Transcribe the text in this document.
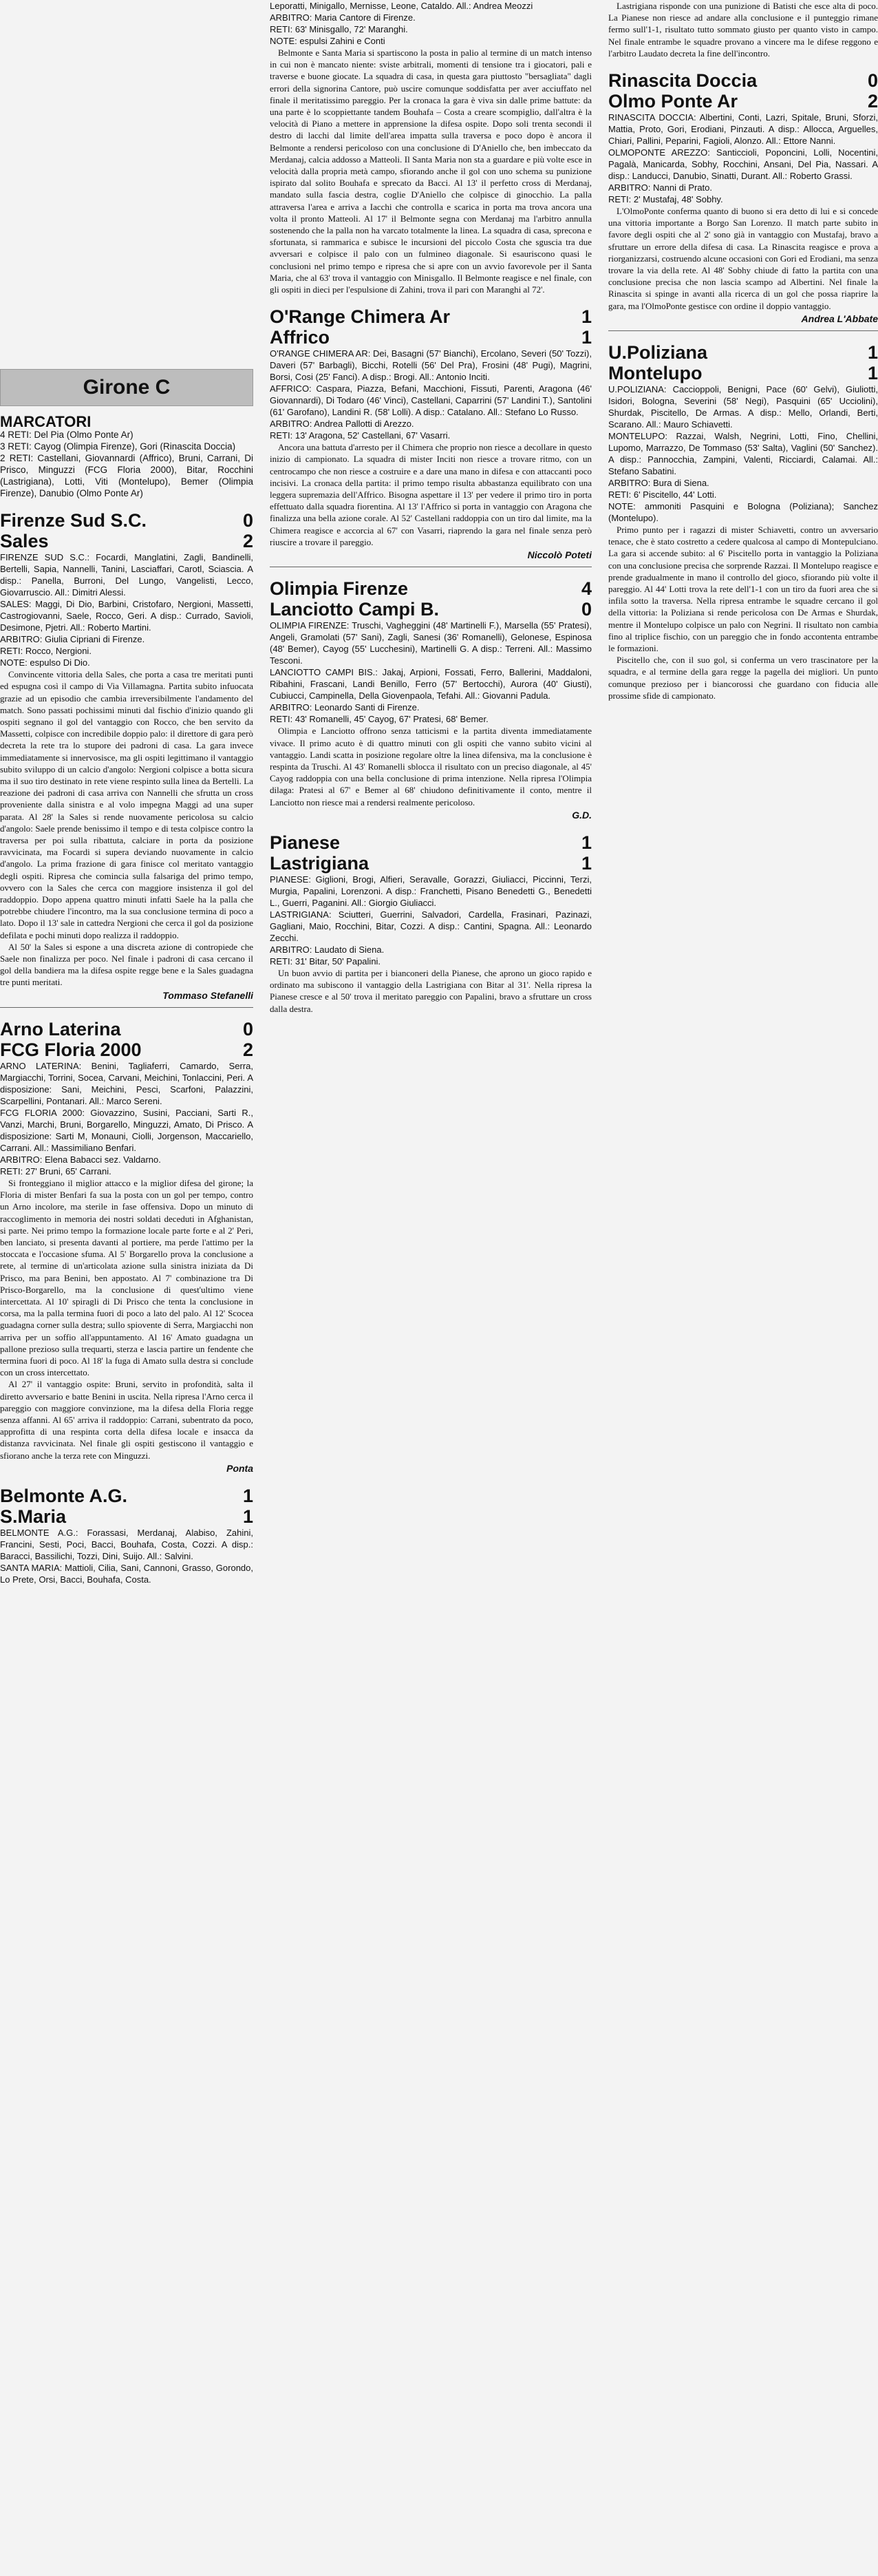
Girone C
MARCATORI

4 RETI: Del Pia (Olmo Ponte Ar)

3 RETI: Cayog (Olimpia Firenze), Gori (Rinascita Doccia)

2 RETI: Castellani, Giovannardi (Affrico), Bruni, Carrani, Di Prisco, Minguzzi (FCG Floria 2000), Bitar, Rocchini (Lastrigiana), Lotti, Viti (Montelupo), Bemer (Olimpia Firenze), Danubio (Olmo Ponte Ar)

Firenze Sud S.C.	0
Sales	2

FIRENZE SUD S.C.: Focardi, Manglatini, Zagli, Bandinelli, Bertelli, Sapia, Nannelli, Tanini, Lasciaffari, Carotl, Sciascia. A disp.: Panella, Burroni, Del Lungo, Vangelisti, Lecco, Giovarruscio. All.: Dimitri Alessi.

SALES: Maggi, Di Dio, Barbini, Cristofaro, Nergioni, Massetti, Castrogiovanni, Saele, Rocco, Geri. A disp.: Currado, Savioli, Desimone, Pjetri. All.: Roberto Martini.

ARBITRO: Giulia Cipriani di Firenze.

RETI: Rocco, Nergioni.

NOTE: espulso Di Dio.

Convincente vittoria della Sales, che porta a casa tre meritati punti ed espugna così il campo di Via Villamagna. Partita subito infuocata grazie ad un episodio che cambia irreversibilmente l'andamento del match. Sono passati pochissimi minuti dal fischio d'inizio quando gli ospiti segnano il gol del vantaggio con Rocco, che ben servito da Massetti, colpisce con incredibile doppio palo: il direttore di gara però decreta la rete tra lo stupore dei padroni di casa. La gara invece immediatamente si innervosisce, ma gli ospiti legittimano il vantaggio subito sviluppo di un calcio d'angolo: Nergioni colpisce a botta sicura ma il suo tiro destinato in rete viene respinto sulla linea da Bertelli. La reazione dei padroni di casa arriva con Nannelli che sfrutta un cross proveniente dalla sinistra e al volo impegna Maggi ad una super parata. Al 28' la Sales si rende nuovamente pericolosa su calcio d'angolo: Saele prende benissimo il tempo e di testa colpisce contro la traversa per poi sulla ribattuta, calciare in porta da posizione ravvicinata, ma Focardi si supera deviando nuovamente in calcio d'angolo. La prima frazione di gara finisce col meritato vantaggio degli ospiti. Ripresa che comincia sulla falsariga del primo tempo, ovvero con la Sales che cerca con maggiore insistenza il gol del raddoppio. Dopo appena quattro minuti infatti Saele ha la palla che potrebbe chiudere l'incontro, ma la sua conclusione termina di poco a lato. Dopo il 13' sale in cattedra Nergioni che cerca il gol da posizione defilata e pochi minuti dopo realizza il raddoppio.

Al 50' la Sales si espone a una discreta azione di contropiede che Saele non finalizza per poco. Nel finale i padroni di casa cercano il gol della bandiera ma la difesa ospite regge bene e la Sales guadagna tre punti meritati.

Tommaso Stefanelli
Arno Laterina	0
FCG Floria 2000	2

ARNO LATERINA: Benini, Tagliaferri, Camardo, Serra, Margiacchi, Torrini, Socea, Carvani, Meichini, Tonlaccini, Peri. A disposizione: Sani, Meichini, Pesci, Scarfoni, Palazzini, Scarpellini, Pontanari. All.: Marco Sereni.

FCG FLORIA 2000: Giovazzino, Susini, Pacciani, Sarti R., Vanzi, Marchi, Bruni, Borgarello, Minguzzi, Amato, Di Prisco. A disposizione: Sarti M, Monauni, Ciolli, Jorgenson, Maccariello, Carrani. All.: Massimiliano Benfari.

ARBITRO: Elena Babacci sez. Valdarno.

RETI: 27' Bruni, 65' Carrani.

Si fronteggiano il miglior attacco e la miglior difesa del girone; la Floria di mister Benfari fa sua la posta con un gol per tempo, contro un Arno incolore, ma sterile in fase offensiva. Dopo un minuto di raccoglimento in memoria dei nostri soldati deceduti in Afghanistan, si parte. Nei primo tempo la formazione locale parte forte e al 2' Peri, ben lanciato, si presenta davanti al portiere, ma perde l'attimo per la stoccata e l'occasione sfuma. Al 5' Borgarello prova la conclusione a rete, al termine di un'articolata azione sulla sinistra iniziata da Di Prisco, ma para Benini, ben appostato. Al 7' combinazione tra Di Prisco-Borgarello, ma la conclusione di quest'ultimo viene intercettata. Al 10' spiragli di Di Prisco che tenta la conclusione in corsa, ma la palla termina fuori di poco a lato del palo. Al 12' Scocea guadagna corner sulla destra; sullo spiovente di Serra, Margiacchi non arriva per un soffio all'appuntamento. Al 16' Amato guadagna un pallone prezioso sulla trequarti, sterza e lascia partire un fendente che termina fuori di poco. Al 18' la fuga di Amato sulla destra si conclude con un cross intercettato.

Al 27' il vantaggio ospite: Bruni, servito in profondità, salta il diretto avversario e batte Benini in uscita. Nella ripresa l'Arno cerca il pareggio con maggiore convinzione, ma la difesa della Floria regge senza affanni. Al 65' arriva il raddoppio: Carrani, subentrato da poco, approfitta di una respinta corta della difesa locale e insacca da distanza ravvicinata. Nel finale gli ospiti gestiscono il vantaggio e sfiorano anche la terza rete con Minguzzi.

Ponta
Belmonte A.G.	1
S.Maria	1

BELMONTE A.G.: Forassasi, Merdanaj, Alabiso, Zahini, Francini, Sesti, Poci, Bacci, Bouhafa, Costa, Cozzi. A disp.: Baracci, Bassilichi, Tozzi, Dini, Suijo. All.: Salvini.

SANTA MARIA: Mattioli, Cilia, Sani, Cannoni, Grasso, Gorondo, Lo Prete, Orsi, Bacci, Bouhafa, Costa.

Leporatti, Minigallo, Mernisse, Leone, Cataldo. All.: Andrea Meozzi

ARBITRO: Maria Cantore di Firenze.

RETI: 63' Minisgallo, 72' Maranghi.

NOTE: espulsi Zahini e Conti

Belmonte e Santa Maria si spartiscono la posta in palio al termine di un match intenso in cui non è mancato niente: sviste arbitrali, momenti di tensione tra i giocatori, pali e traverse e buone giocate. La squadra di casa, in questa gara piuttosto "bersagliata" dagli errori della signorina Cantore, può uscire comunque soddisfatta per aver acciuffato nel finale il meritatissimo pareggio. Per la cronaca la gara è viva sin dalle prime battute: da una parte è lo scoppiettante tandem Bouhafa – Costa a creare scompiglio, dall'altra è la velocità di Piano a mettere in apprensione la difesa ospite. Dopo soli trenta secondi il destro di lacchi dal limite dell'area impatta sulla traversa e poco dopo è ancora il Belmonte a rendersi pericoloso con una conclusione di D'Aniello che, ben imbeccato da Merdanaj, calcia addosso a Matteoli. Il Santa Maria non sta a guardare e più volte esce in velocità dalla propria metà campo, sfiorando anche il gol con uno schema su punizione ispirato dal solito Bouhafa e sprecato da Bacci. Al 13' il perfetto cross di Merdanaj, mandato sulla fascia destra, coglie D'Aniello che colpisce di ginocchio. La palla attraversa l'area e arriva a Iacchi che controlla e scarica in porta ma trova ancora una volta il pronto Matteoli. Al 17' il Belmonte segna con Merdanaj ma l'arbitro annulla sostenendo che la palla non ha varcato totalmente la linea. La squadra di casa, sprecona e sfortunata, si rammarica e subisce le incursioni del piccolo Costa che sguscia tra due avversari e colpisce il palo con un fulmineo diagonale. Si esauriscono quasi le conclusioni nel primo tempo e ripresa che si apre con un avvio favorevole per il Santa Maria, che al 63' trova il vantaggio con Minisgallo. Il Belmonte reagisce e nel finale, con gli ospiti in dieci per l'espulsione di Zahini, trova il pari con Maranghi al 72'.

O'Range Chimera Ar	1
Affrico	1

O'RANGE CHIMERA AR: Dei, Basagni (57' Bianchi), Ercolano, Severi (50' Tozzi), Daveri (57' Barbagli), Bicchi, Rotelli (56' Del Pra), Frosini (48' Pugi), Magrini, Borsi, Cosi (25' Fanci). A disp.: Brogi. All.: Antonio Inciti.

AFFRICO: Caspara, Piazza, Befani, Macchioni, Fissuti, Parenti, Aragona (46' Giovannardi), Di Todaro (46' Vinci), Castellani, Caparrini (57' Landini T.), Santolini (61' Garofano), Landini R. (58' Lolli). A disp.: Catalano. All.: Stefano Lo Russo.

ARBITRO: Andrea Pallotti di Arezzo.

RETI: 13' Aragona, 52' Castellani, 67' Vasarri.

Ancora una battuta d'arresto per il Chimera che proprio non riesce a decollare in questo inizio di campionato. La squadra di mister Inciti non riesce a trovare ritmo, con un centrocampo che non riesce a costruire e a dare una mano in difesa e con attaccanti poco incisivi. La cronaca della partita: il primo tempo risulta abbastanza equilibrato con una leggera supremazia dell'Affrico. Bisogna aspettare il 13' per vedere il primo tiro in porta effettuato dalla squadra fiorentina. Al 13' l'Affrico si porta in vantaggio con Aragona che finalizza una bella azione corale. Al 52' Castellani raddoppia con un tiro dal limite, ma la Chimera reagisce e accorcia al 67' con Vasarri, riaprendo la gara nel finale senza però riuscire a trovare il pareggio.

Niccolò Poteti
Olimpia Firenze	4
Lanciotto Campi B.	0

OLIMPIA FIRENZE: Truschi, Vagheggini (48' Martinelli F.), Marsella (55' Pratesi), Angeli, Gramolati (57' Sani), Zagli, Sanesi (36' Romanelli), Gelonese, Espinosa (48' Bemer), Cayog (55' Lucchesini), Martinelli G. A disp.: Terreni. All.: Massimo Tesconi.

LANCIOTTO CAMPI BIS.: Jakaj, Arpioni, Fossati, Ferro, Ballerini, Maddaloni, Ribahini, Frascani, Landi Benillo, Ferro (57' Bertocchi), Aurora (40' Giusti), Cubiucci, Campinella, Della Giovenpaola, Tefahi. All.: Giovanni Padula.

ARBITRO: Leonardo Santi di Firenze.

RETI: 43' Romanelli, 45' Cayog, 67' Pratesi, 68' Bemer.

Olimpia e Lanciotto offrono senza tatticismi e la partita diventa immediatamente vivace. Il primo acuto è di quattro minuti con gli ospiti che vanno subito vicini al vantaggio. Landi scatta in posizione regolare oltre la linea difensiva, ma la conclusione è respinta da Truschi. Al 43' Romanelli sblocca il risultato con un preciso diagonale, al 45' Cayog raddoppia con una bella conclusione di prima intenzione. Nella ripresa l'Olimpia dilaga: Pratesi al 67' e Bemer al 68' chiudono definitivamente il conto, mentre il Lanciotto non riesce mai a rendersi realmente pericoloso.

G.D.
Pianese	1
Lastrigiana	1

PIANESE: Giglioni, Brogi, Alfieri, Seravalle, Gorazzi, Giuliacci, Piccinni, Terzi, Murgia, Papalini, Lorenzoni. A disp.: Franchetti, Pisano Benedetti G., Benedetti L., Guerri, Paganini. All.: Giorgio Giuliacci.

LASTRIGIANA: Sciutteri, Guerrini, Salvadori, Cardella, Frasinari, Pazinazi, Gagliani, Maio, Rocchini, Bitar, Cozzi. A disp.: Cantini, Spagna. All.: Leonardo Zecchi.

ARBITRO: Laudato di Siena.

RETI: 31' Bitar, 50' Papalini.

Un buon avvio di partita per i bianconeri della Pianese, che aprono un gioco rapido e ordinato ma subiscono il vantaggio della Lastrigiana con Bitar al 31'. Nella ripresa la Pianese cresce e al 50' trova il meritato pareggio con Papalini, bravo a sfruttare un cross dalla destra.

Lastrigiana risponde con una punizione di Batisti che esce alta di poco. La Pianese non riesce ad andare alla conclusione e il punteggio rimane fermo sull'1-1, risultato tutto sommato giusto per quanto visto in campo. Nel finale entrambe le squadre provano a vincere ma le difese reggono e l'arbitro Laudato decreta la fine dell'incontro.

Rinascita Doccia	0
Olmo Ponte Ar	2

RINASCITA DOCCIA: Albertini, Conti, Lazri, Spitale, Bruni, Sforzi, Mattia, Proto, Gori, Erodiani, Pinzauti. A disp.: Allocca, Arguelles, Chiari, Pallini, Peparini, Fagioli, Alonzo. All.: Ettore Nanni.

OLMOPONTE AREZZO: Santiccioli, Poponcini, Lolli, Nocentini, Pagalà, Manicarda, Sobhy, Rocchini, Ansani, Del Pia, Nassari. A disp.: Landucci, Danubio, Sinatti, Durant. All.: Roberto Grassi.

ARBITRO: Nanni di Prato.

RETI: 2' Mustafaj, 48' Sobhy.

L'OlmoPonte conferma quanto di buono si era detto di lui e si concede una vittoria importante a Borgo San Lorenzo. Il match parte subito in favore degli ospiti che al 2' sono già in vantaggio con Mustafaj, bravo a sfruttare un errore della difesa di casa. La Rinascita reagisce e prova a riorganizzarsi, costruendo alcune occasioni con Gori ed Erodiani, ma senza trovare la via della rete. Al 48' Sobhy chiude di fatto la partita con una conclusione precisa che non lascia scampo ad Albertini. Nel finale la Rinascita si spinge in avanti alla ricerca di un gol che possa riaprire la gara, ma l'OlmoPonte gestisce con ordine il doppio vantaggio.

Andrea L'Abbate
U.Poliziana	1
Montelupo	1

U.POLIZIANA: Caccioppoli, Benigni, Pace (60' Gelvi), Giuliotti, Isidori, Bologna, Severini (58' Negi), Pasquini (65' Ucciolini), Shurdak, Piscitello, De Armas. A disp.: Mello, Orlandi, Berti, Scarano. All.: Mauro Schiavetti.

MONTELUPO: Razzai, Walsh, Negrini, Lotti, Fino, Chellini, Lupomo, Marrazzo, De Tommaso (53' Salta), Vaglini (50' Sanchez). A disp.: Pannocchia, Zampini, Valenti, Ricciardi, Calamai. All.: Stefano Sabatini.

ARBITRO: Bura di Siena.

RETI: 6' Piscitello, 44' Lotti.

NOTE: ammoniti Pasquini e Bologna (Poliziana); Sanchez (Montelupo).

Primo punto per i ragazzi di mister Schiavetti, contro un avversario tenace, che è stato costretto a cedere qualcosa al campo di Montepulciano. La gara si accende subito: al 6' Piscitello porta in vantaggio la Poliziana con una conclusione precisa che sorprende Razzai. Il Montelupo reagisce e prende gradualmente in mano il controllo del gioco, sfiorando più volte il pareggio. Al 44' Lotti trova la rete dell'1-1 con un tiro da fuori area che si infila sotto la traversa. Nella ripresa entrambe le squadre cercano il gol della vittoria: la Poliziana si rende pericolosa con De Armas e Shurdak, mentre il Montelupo colpisce un palo con Negrini. Il risultato non cambia fino al triplice fischio, con un pareggio che in fondo accontenta entrambe le formazioni.

Piscitello che, con il suo gol, si conferma un vero trascinatore per la squadra, e al termine della gara regge la pagella dei migliori. Un punto comunque prezioso per i biancorossi che guardano con fiducia alle prossime sfide di campionato.
